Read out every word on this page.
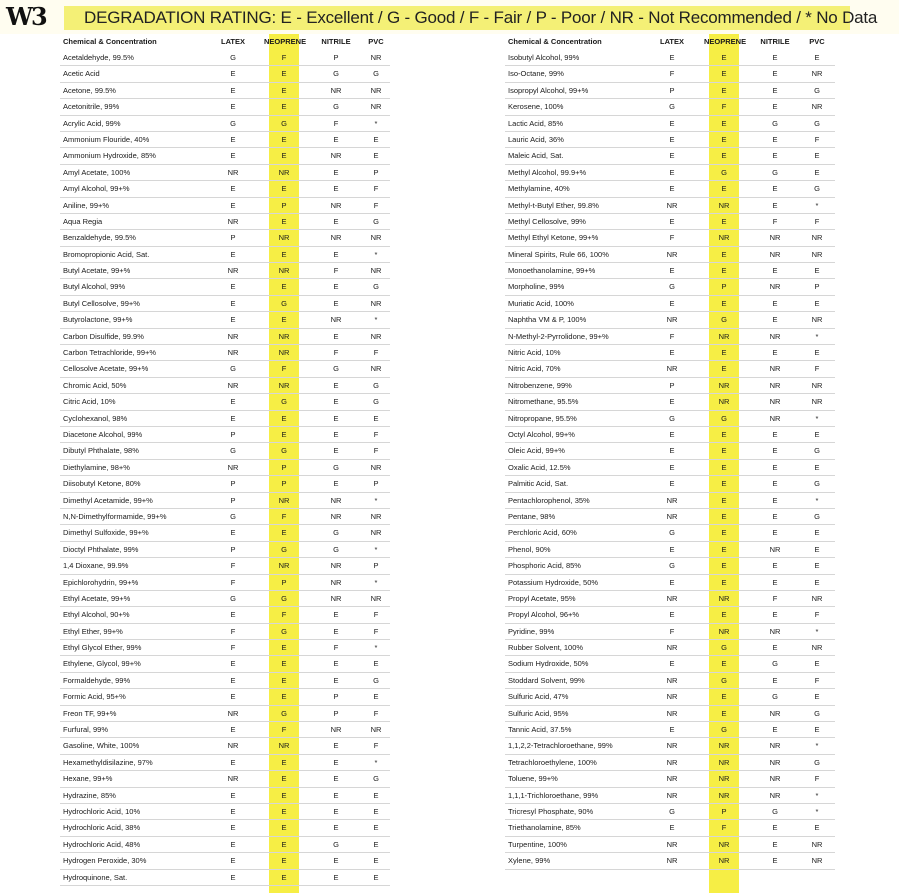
W3 DEGRADATION RATING: E - Excellent / G - Good / F - Fair / P - Poor / NR - Not Recommended / * No Data
Chemical & Concentration	LATEX	NEOPRENE	NITRILE	PVC
Acetaldehyde, 99.5%	G	F	P	NR
Acetic Acid	E	E	G	G
Acetone, 99.5%	E	E	NR	NR
Acetonitrile, 99%	E	E	G	NR
Acrylic Acid, 99%	G	G	F	*
Ammonium Flouride, 40%	E	E	E	E
Ammonium Hydroxide, 85%	E	E	NR	E
Amyl Acetate, 100%	NR	NR	E	P
Amyl Alcohol, 99+%	E	E	E	F
Aniline, 99+%	E	P	NR	F
Aqua Regia	NR	E	E	G
Benzaldehyde, 99.5%	P	NR	NR	NR
Bromopropionic Acid, Sat.	E	E	E	*
Butyl Acetate, 99+%	NR	NR	F	NR
Butyl Alcohol, 99%	E	E	E	G
Butyl Cellosolve, 99+%	E	G	E	NR
Butyrolactone, 99+%	E	E	NR	*
Carbon Disulfide, 99.9%	NR	NR	E	NR
Carbon Tetrachloride, 99+%	NR	NR	F	F
Cellosolve Acetate, 99+%	G	F	G	NR
Chromic Acid, 50%	NR	NR	E	G
Citric Acid, 10%	E	G	E	G
Cyclohexanol, 98%	E	E	E	E
Diacetone Alcohol, 99%	P	E	E	F
Dibutyl Phthalate, 98%	G	G	E	F
Diethylamine, 98+%	NR	P	G	NR
Diisobutyl Ketone, 80%	P	P	E	P
Dimethyl Acetamide, 99+%	P	NR	NR	*
N,N-Dimethylformamide, 99+%	G	F	NR	NR
Dimethyl Sulfoxide, 99+%	E	E	G	NR
Dioctyl Phthalate, 99%	P	G	G	*
1,4 Dioxane, 99.9%	F	NR	NR	P
Epichlorohydrin, 99+%	F	P	NR	*
Ethyl Acetate, 99+%	G	G	NR	NR
Ethyl Alcohol, 90+%	E	F	E	F
Ethyl Ether, 99+%	F	G	E	F
Ethyl Glycol Ether, 99%	F	E	F	*
Ethylene, Glycol, 99+%	E	E	E	E
Formaldehyde, 99%	E	E	E	G
Formic Acid, 95+%	E	E	P	E
Freon TF, 99+%	NR	G	P	F
Furfural, 99%	E	F	NR	NR
Gasoline, White, 100%	NR	NR	E	F
Hexamethyldisilazine, 97%	E	E	E	*
Hexane, 99+%	NR	E	E	G
Hydrazine, 85%	E	E	E	E
Hydrochloric Acid, 10%	E	E	E	E
Hydrochloric Acid, 38%	E	E	E	E
Hydrochloric Acid, 48%	E	E	G	E
Hydrogen Peroxide, 30%	E	E	E	E
Hydroquinone, Sat.	E	E	E	E
Chemical & Concentration	LATEX	NEOPRENE	NITRILE	PVC
Isobutyl Alcohol, 99%	E	E	E	E
Iso-Octane, 99%	F	E	E	NR
Isopropyl Alcohol, 99+%	P	E	E	G
Kerosene, 100%	G	F	E	NR
Lactic Acid, 85%	E	E	G	G
Lauric Acid, 36%	E	E	E	F
Maleic Acid, Sat.	E	E	E	E
Methyl Alcohol, 99.9+%	E	G	G	E
Methylamine, 40%	E	E	E	G
Methyl-t-Butyl Ether, 99.8%	NR	NR	E	*
Methyl Cellosolve, 99%	E	E	F	F
Methyl Ethyl Ketone, 99+%	F	NR	NR	NR
Mineral Spirits, Rule 66, 100%	NR	E	NR	NR
Monoethanolamine, 99+%	E	E	E	E
Morpholine, 99%	G	P	NR	P
Muriatic Acid, 100%	E	E	E	E
Naphtha VM & P, 100%	NR	G	E	NR
N-Methyl-2-Pyrrolidone, 99+%	F	NR	NR	*
Nitric Acid, 10%	E	E	E	E
Nitric Acid, 70%	NR	E	NR	F
Nitrobenzene, 99%	P	NR	NR	NR
Nitromethane, 95.5%	E	NR	NR	NR
Nitropropane, 95.5%	G	G	NR	*
Octyl Alcohol, 99+%	E	E	E	E
Oleic Acid, 99+%	E	E	E	G
Oxalic Acid, 12.5%	E	E	E	E
Palmitic Acid, Sat.	E	E	E	G
Pentachlorophenol, 35%	NR	E	E	*
Pentane, 98%	NR	E	E	G
Perchloric Acid, 60%	G	E	E	E
Phenol, 90%	E	E	NR	E
Phosphoric Acid, 85%	G	E	E	E
Potassium Hydroxide, 50%	E	E	E	E
Propyl Acetate, 95%	NR	NR	F	NR
Propyl Alcohol, 96+%	E	E	E	F
Pyridine, 99%	F	NR	NR	*
Rubber Solvent, 100%	NR	G	E	NR
Sodium Hydroxide, 50%	E	E	G	E
Stoddard Solvent, 99%	NR	G	E	F
Sulfuric Acid, 47%	NR	E	G	E
Sulfuric Acid, 95%	NR	E	NR	G
Tannic Acid, 37.5%	E	G	E	E
1,1,2,2-Tetrachloroethane, 99%	NR	NR	NR	*
Tetrachloroethylene, 100%	NR	NR	NR	G
Toluene, 99+%	NR	NR	NR	F
1,1,1-Trichloroethane, 99%	NR	NR	NR	*
Tricresyl Phosphate, 90%	G	P	G	*
Triethanolamine, 85%	E	F	E	E
Turpentine, 100%	NR	NR	E	NR
Xylene, 99%	NR	NR	E	NR
